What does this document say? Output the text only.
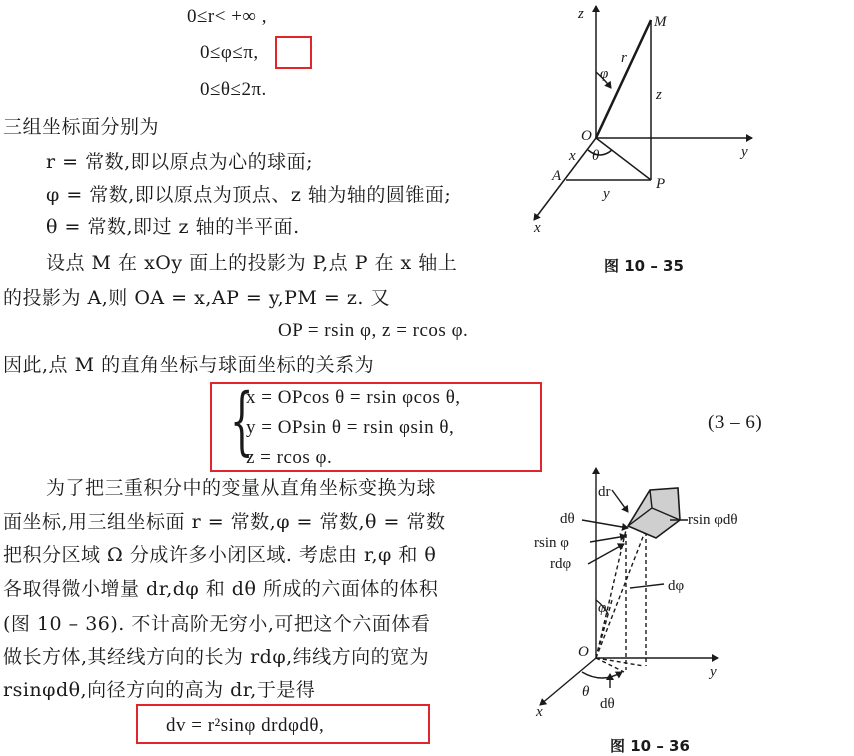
0≤r< +∞ ,
0≤φ≤π,
0≤θ≤2π.
三组坐标面分别为
r = 常数,即以原点为心的球面;
φ = 常数,即以原点为顶点、z 轴为轴的圆锥面;
θ = 常数,即过 z 轴的半平面.
设点 M 在 xOy 面上的投影为 P,点 P 在 x 轴上
的投影为 A,则 OA = x,AP = y,PM = z. 又
OP = rsin φ, z = rcos φ.
因此,点 M 的直角坐标与球面坐标的关系为
{
x = OPcos θ = rsin φcos θ,
y = OPsin θ = rsin φsin θ,
z = rcos φ.
(3 – 6)
为了把三重积分中的变量从直角坐标变换为球
面坐标,用三组坐标面 r = 常数,φ = 常数,θ = 常数
把积分区域 Ω 分成许多小闭区域. 考虑由 r,φ 和 θ
各取得微小增量 dr,dφ 和 dθ 所成的六面体的体积
(图 10 – 36). 不计高阶无穷小,可把这个六面体看
做长方体,其经线方向的长为 rdφ,纬线方向的宽为
rsinφdθ,向径方向的高为 dr,于是得
dv = r²sinφ drdφdθ,
z	M
r
φ
z
O
y
x θ
A	P
y
x
图 10 – 35
dr
dθ	rsin φdθ
rsin φ
rdφ
dφ
φ
O
y
θ
x	dθ
图 10 – 36
